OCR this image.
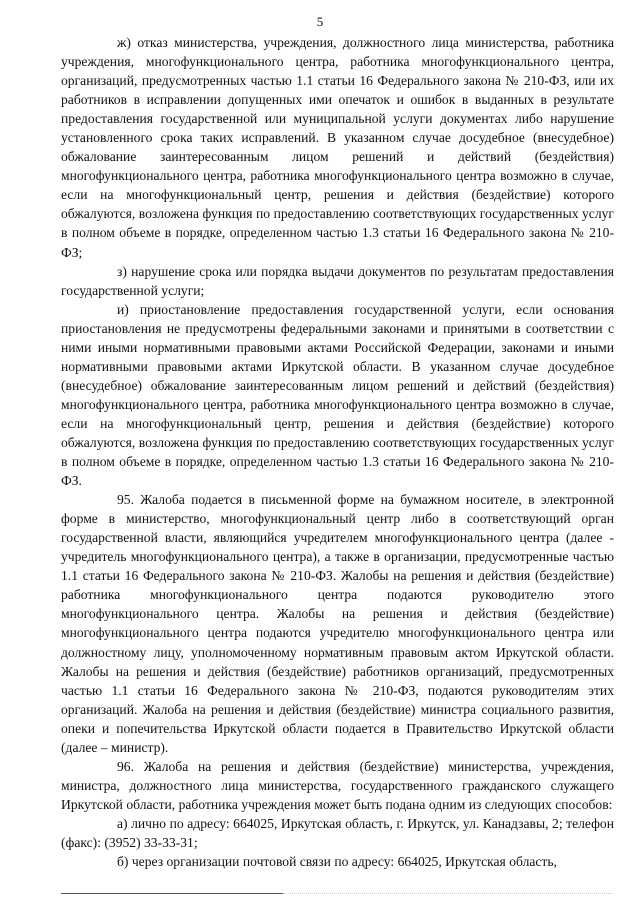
5

ж) отказ министерства, учреждения, должностного лица министерства, работника учреждения, многофункционального центра, работника многофункционального центра, организаций, предусмотренных частью 1.1 статьи 16 Федерального закона № 210-ФЗ, или их работников в исправлении допущенных ими опечаток и ошибок в выданных в результате предоставления государственной или муниципальной услуги документах либо нарушение установленного срока таких исправлений. В указанном случае досудебное (внесудебное) обжалование заинтересованным лицом решений и действий (бездействия) многофункционального центра, работника многофункционального центра возможно в случае, если на многофункциональный центр, решения и действия (бездействие) которого обжалуются, возложена функция по предоставлению соответствующих государственных услуг в полном объеме в порядке, определенном частью 1.3 статьи 16 Федерального закона № 210-ФЗ;

з) нарушение срока или порядка выдачи документов по результатам предоставления государственной услуги;

и) приостановление предоставления государственной услуги, если основания приостановления не предусмотрены федеральными законами и принятыми в соответствии с ними иными нормативными правовыми актами Российской Федерации, законами и иными нормативными правовыми актами Иркутской области. В указанном случае досудебное (внесудебное) обжалование заинтересованным лицом решений и действий (бездействия) многофункционального центра, работника многофункционального центра возможно в случае, если на многофункциональный центр, решения и действия (бездействие) которого обжалуются, возложена функция по предоставлению соответствующих государственных услуг в полном объеме в порядке, определенном частью 1.3 статьи 16 Федерального закона № 210-ФЗ.

95. Жалоба подается в письменной форме на бумажном носителе, в электронной форме в министерство, многофункциональный центр либо в соответствующий орган государственной власти, являющийся учредителем многофункционального центра (далее - учредитель многофункционального центра), а также в организации, предусмотренные частью 1.1 статьи 16 Федерального закона № 210-ФЗ. Жалобы на решения и действия (бездействие) работника многофункционального центра подаются руководителю этого многофункционального центра. Жалобы на решения и действия (бездействие) многофункционального центра подаются учредителю многофункционального центра или должностному лицу, уполномоченному нормативным правовым актом Иркутской области. Жалобы на решения и действия (бездействие) работников организаций, предусмотренных частью 1.1 статьи 16 Федерального закона № 210-ФЗ, подаются руководителям этих организаций. Жалоба на решения и действия (бездействие) министра социального развития, опеки и попечительства Иркутской области подается в Правительство Иркутской области (далее – министр).

96. Жалоба на решения и действия (бездействие) министерства, учреждения, министра, должностного лица министерства, государственного гражданского служащего Иркутской области, работника учреждения может быть подана одним из следующих способов:

а) лично по адресу: 664025, Иркутская область, г. Иркутск, ул. Канадзавы, 2; телефон (факс): (3952) 33-33-31;

б) через организации почтовой связи по адресу: 664025, Иркутская область,
